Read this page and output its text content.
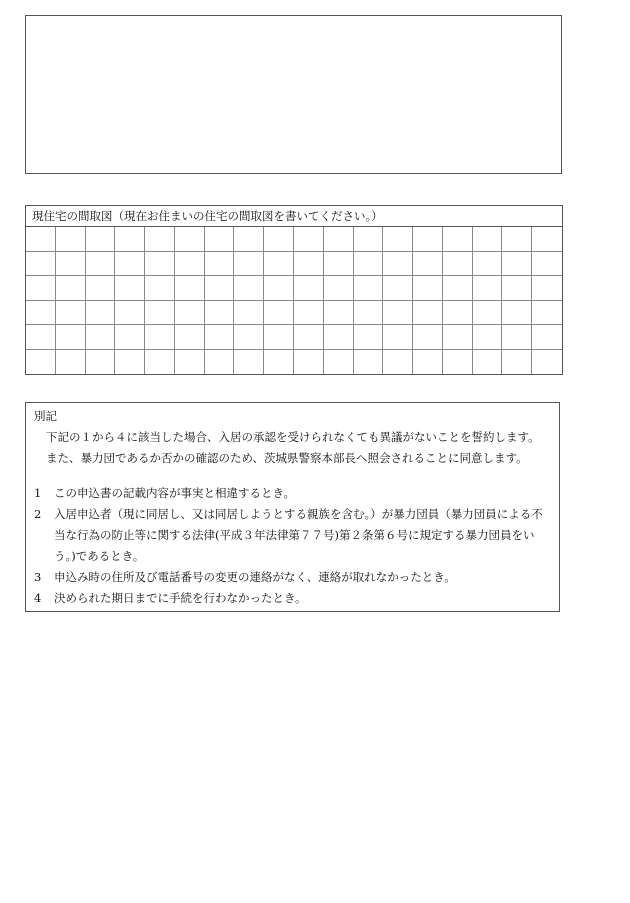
現住宅の間取図（現在お住まいの住宅の間取図を書いてください。）

別記

下記の１から４に該当した場合、入居の承認を受けられなくても異議がないことを誓約します。

また、暴力団であるか否かの確認のため、茨城県警察本部長へ照会されることに同意します。

1	この申込書の記載内容が事実と相違するとき。
2	入居申込者（現に同居し、又は同居しようとする親族を含む。）が暴力団員（暴力団員による不
当な行為の防止等に関する法律(平成３年法律第７７号)第２条第６号に規定する暴力団員をい
う。)であるとき。
3	申込み時の住所及び電話番号の変更の連絡がなく、連絡が取れなかったとき。
4	決められた期日までに手続を行わなかったとき。
